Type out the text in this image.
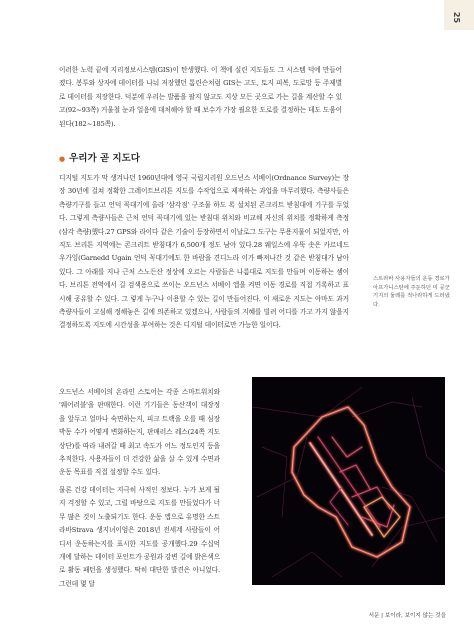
25

이러한 노력 끝에 지리정보시스템(GIS)이 탄생했다. 이 책에 실린 지도들도 그 시스템 덕에 만들어졌다. 봉투와 상자에 데이터를 나눠 저장했던 톰린슨처럼 GIS는 고도, 토지 피복, 도로망 등 주제별로 데이터를 저장한다. 덕분에 우리는 발품을 팔지 않고도 지상 모든 곳으로 가는 길을 계산할 수 있고(92~93쪽) 거울철 눈과 얼음에 대처해야 할 때 보수가 가장 필요한 도로를 결정하는 데도 도움이 된다(182~185쪽).

● 우리가 곧 지도다

디지털 지도가 막 생겨나던 1960년대에 영국 국립지리원 오드넌스 서베이(Ordnance Survey)는 장장 30년에 걸쳐 정확한 그레이트브리튼 지도를 수작업으로 제작하는 과업을 마무리했다. 측량사들은 측량기구를 들고 언덕 꼭대기에 올라 '삼각점' 구조물 하도 록 설치된 콘크리트 받침대에 기구를 두었다. 그렇게 측량사들은 근처 언덕 꼭대기에 있는 받침대 위치와 비교해 자신의 위치를 정확하게 측정(삼각 측량)했다.27 GPS와 라이다 같은 기술이 등장하면서 이날로그 도구는 무용지물이 되었지만, 아직도 브리튼 지역에는 콘크리트 받침대가 6,500개 정도 남아 있다.28 웨일스에 우뚝 솟은 카르네드 우가잉(Garnedd Ugain 언덕 꼭대기에도 한 바람을 견디느라 이가 빠져나간 것 같은 받침대가 남아 있다. 그 아래를 지나 근처 스노든산 정상에 오르는 사람들은 나름대로 지도를 만들며 이동하는 셈이다. 브리튼 전역에서 길 검색용으로 쓰이는 오드넌스 서베이 앱을 켜면 이동 경로를 직접 기록하고 표시해 공유할 수 있다. 그 렇게 누구나 이용할 수 있는 길이 만들어진다. 이 새로운 지도는 아마도 과거 측량사들이 고심해 정해놓은 길에 의존하고 있겠으나, 사람들의 지혜를 빌려 어디를 가고 가지 않을지 결정하도록 지도에 시간성을 부여하는 것은 디지털 데이터로만 가능한 일이다.

오드넌스 서베이의 온라인 스토어는 각종 스마트워치와 '웨어러블'을 판매한다. 이런 기기들은 동산객이 대장정을 앞두고 얼마나 숙면하는지, 피크 트랙을 오를 때 심장박동 수가 어떻게 변화하는지, 판매러스 레스(24쪽 지도 상단)를 따라 내려갈 때 최고 속도가 어느 정도인지 등을 추적한다. 사용자들이 더 건강한 삶을 살 수 있게 수면과 운동 목표를 직접 설정할 수도 있다.

물론 건강 데이터는 지극히 사적인 정보다. 누가 보게 될지 걱정할 수 있고, 그럴 바탕으로 지도를 만들었다가 너무 많은 것이 노출되기도 한다. 운동 앱으로 유명한 스트라바Strava 생지녀이엄은 2018년 전세계 사람들이 어디서 운동하는지를 표시한 지도를 공개했다.29 수십억 개에 달하는 데이터 포인트가 공원과 강변 길에 밝은색으로 활동 패턴을 생성했다. 딱히 대단한 발견은 아니었다. 그런데 몇 달

스트라바 사용자들의 운동 경로가 아프가니스탄에 주둔하던 미 공군기지의 둘레를 적나라하게 드러냈다.
서문 | 보이라, 보이지 않는 것을
